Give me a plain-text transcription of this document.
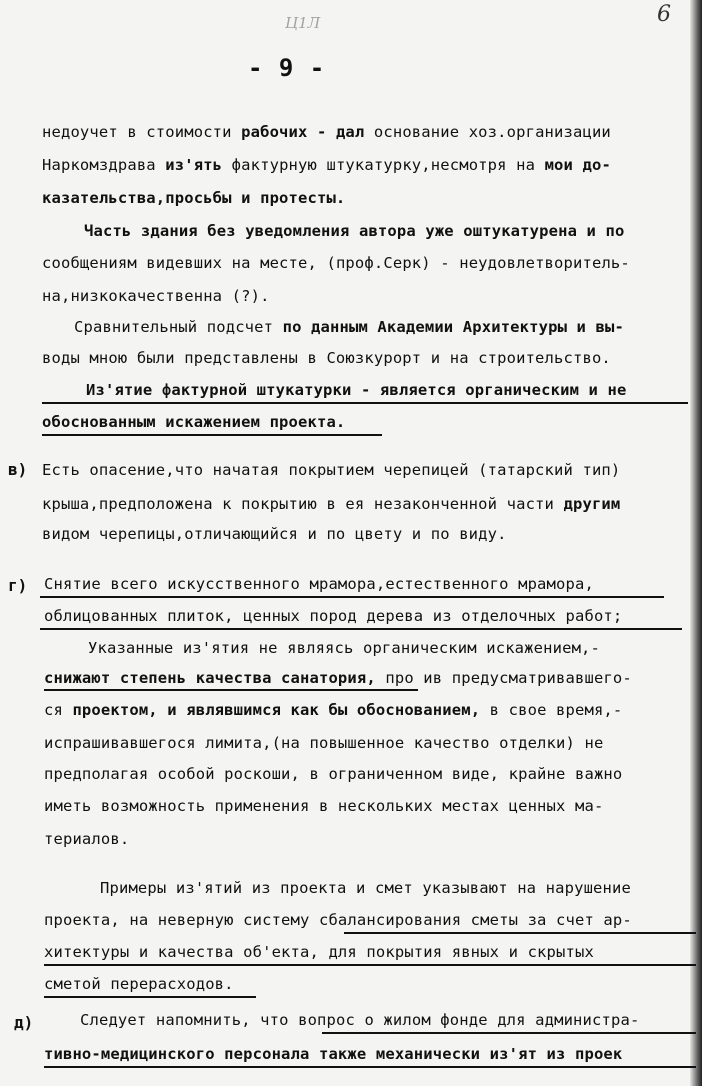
6
Ц1Л
- 9 -
недоучет в стоимости рабочих - дал основание хоз.организации
Наркомздрава из'ять фактурную штукатурку,несмотря на мои до-
казательства,просьбы и протесты.
Часть здания без уведомления автора уже оштукатурена и по
сообщениям видевших на месте, (проф.Серк) - неудовлетворитель-
на,низкокачественна (?).
Сравнительный подсчет по данным Академии Архитектуры и вы-
воды мною были представлены в Союзкурорт и на строительство.
Из'ятие фактурной штукатурки - является органическим и не
обоснованным искажением проекта.
в) Есть опасение,что начатая покрытием черепицей (татарский тип)
крыша,предположена к покрытию в ея незаконченной части другим
видом черепицы,отличающийся и по цвету и по виду.
г) Снятие всего искусственного мрамора,естественного мрамора,
облицованных плиток, ценных пород дерева из отделочных работ;
Указанные из'ятия не являясь органическим искажением,-
снижают степень качества санатория, про ив предусматривавшего-
ся проектом, и являвшимся как бы обоснованием, в свое время,-
испрашивавшегося лимита,(на повышенное качество отделки) не
предполагая особой роскоши, в ограниченном виде, крайне важно
иметь возможность применения в нескольких местах ценных ма-
териалов.
Примеры из'ятий из проекта и смет указывают на нарушение
проекта, на неверную систему сбалансирования сметы за счет ар-
хитектуры и качества об'екта, для покрытия явных и скрытых
сметой перерасходов.
д)	Следует напомнить, что вопрос о жилом фонде для администра-
тивно-медицинского персонала также механически из'ят из проек
